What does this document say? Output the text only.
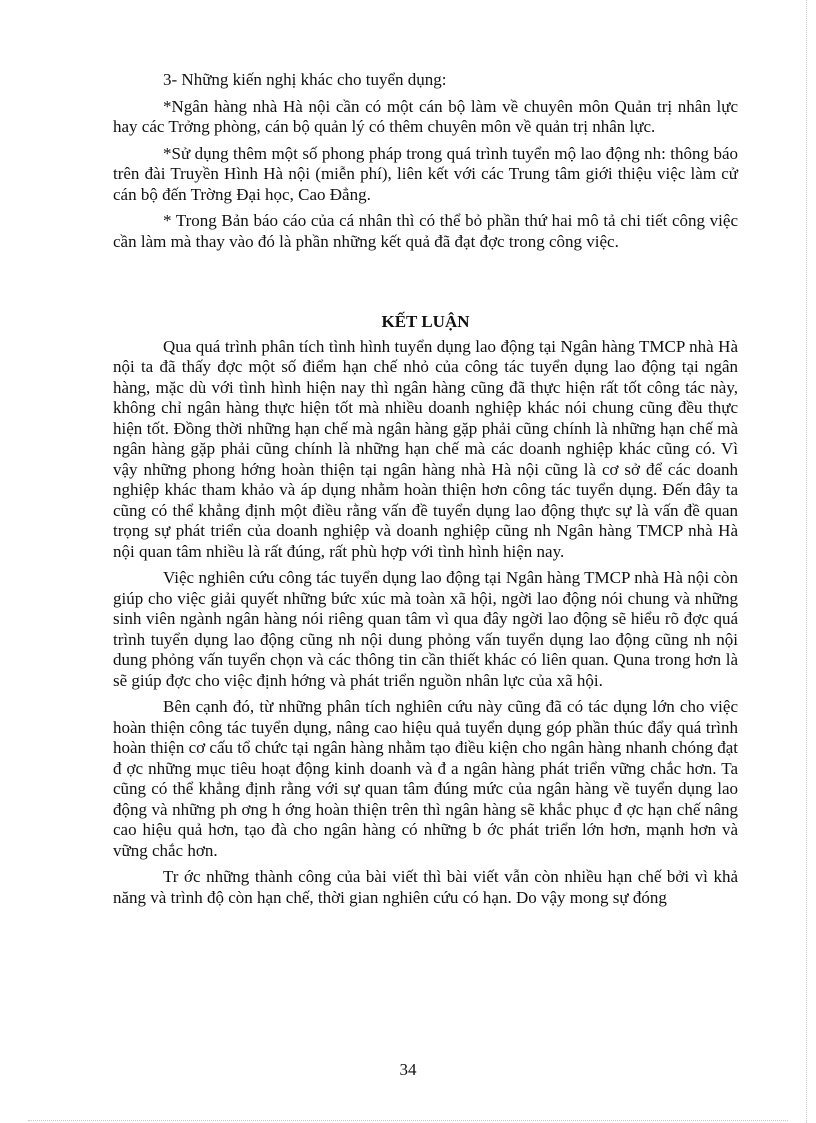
3- Những kiến nghị khác cho tuyển dụng:

*Ngân hàng nhà Hà nội cần có một cán bộ làm về chuyên môn Quản trị nhân lực hay các Trởng phòng, cán bộ quản lý có thêm chuyên môn về quản trị nhân lực.

*Sử dụng thêm một số phong pháp trong quá trình tuyển mộ lao động nh: thông báo trên đài Truyền Hình Hà nội (miễn phí), liên kết với các Trung tâm giới thiệu việc làm cử cán bộ đến Trờng Đại học, Cao Đẳng.

* Trong Bản báo cáo của cá nhân thì có thể bỏ phần thứ hai mô tả chi tiết công việc cần làm mà thay vào đó là phần những kết quả đã đạt đợc trong công việc.

KẾT LUẬN

Qua quá trình phân tích tình hình tuyển dụng lao động tại Ngân hàng TMCP nhà Hà nội ta đã thấy đợc một số điểm hạn chế nhỏ của công tác tuyển dụng lao động tại ngân hàng, mặc dù với tình hình hiện nay thì ngân hàng cũng đã thực hiện rất tốt công tác này, không chỉ ngân hàng thực hiện tốt mà nhiều doanh nghiệp khác nói chung cũng đều thực hiện tốt. Đồng thời những hạn chế mà ngân hàng gặp phải cũng chính là những hạn chế mà ngân hàng gặp phải cũng chính là những hạn chế mà các doanh nghiệp khác cũng có. Vì vậy những phong hớng hoàn thiện tại ngân hàng nhà Hà nội cũng là cơ sở để các doanh nghiệp khác tham khảo và áp dụng nhằm hoàn thiện hơn công tác tuyển dụng. Đến đây ta cũng có thể khẳng định một điều rằng vấn đề tuyển dụng lao động thực sự là vấn đề quan trọng sự phát triển của doanh nghiệp và doanh nghiệp cũng nh Ngân hàng TMCP nhà Hà nội quan tâm nhiều là rất đúng, rất phù hợp với tình hình hiện nay.

Việc nghiên cứu công tác tuyển dụng lao động tại Ngân hàng TMCP nhà Hà nội còn giúp cho việc giải quyết những bức xúc mà toàn xã hội, ngời lao động nói chung và những sinh viên ngành ngân hàng nói riêng quan tâm vì qua đây ngời lao động sẽ hiểu rõ đợc quá trình tuyển dụng lao động cũng nh nội dung phỏng vấn tuyển dụng lao động cũng nh nội dung phỏng vấn tuyển chọn và các thông tin cần thiết khác có liên quan. Quna trong hơn là sẽ giúp đợc cho việc định hớng và phát triển nguồn nhân lực của xã hội.

Bên cạnh đó, từ những phân tích nghiên cứu này cũng đã có tác dụng lớn cho việc hoàn thiện công tác tuyển dụng, nâng cao hiệu quả tuyển dụng góp phần thúc đẩy quá trình hoàn thiện cơ cấu tổ chức tại ngân hàng nhằm tạo điều kiện cho ngân hàng nhanh chóng đạt đ ợc những mục tiêu hoạt động kinh doanh và đ a ngân hàng phát triển vững chắc hơn. Ta cũng có thể khẳng định rằng với sự quan tâm đúng mức của ngân hàng về tuyển dụng lao động và những ph ơng h ớng hoàn thiện trên thì ngân hàng sẽ khắc phục đ ợc hạn chế nâng cao hiệu quả hơn, tạo đà cho ngân hàng có những b ớc phát triển lớn hơn, mạnh hơn và vững chắc hơn.

Tr ớc những thành công của bài viết thì bài viết vẫn còn nhiều hạn chế bởi vì khả năng và trình độ còn hạn chế, thời gian nghiên cứu có hạn. Do vậy mong sự đóng

34
